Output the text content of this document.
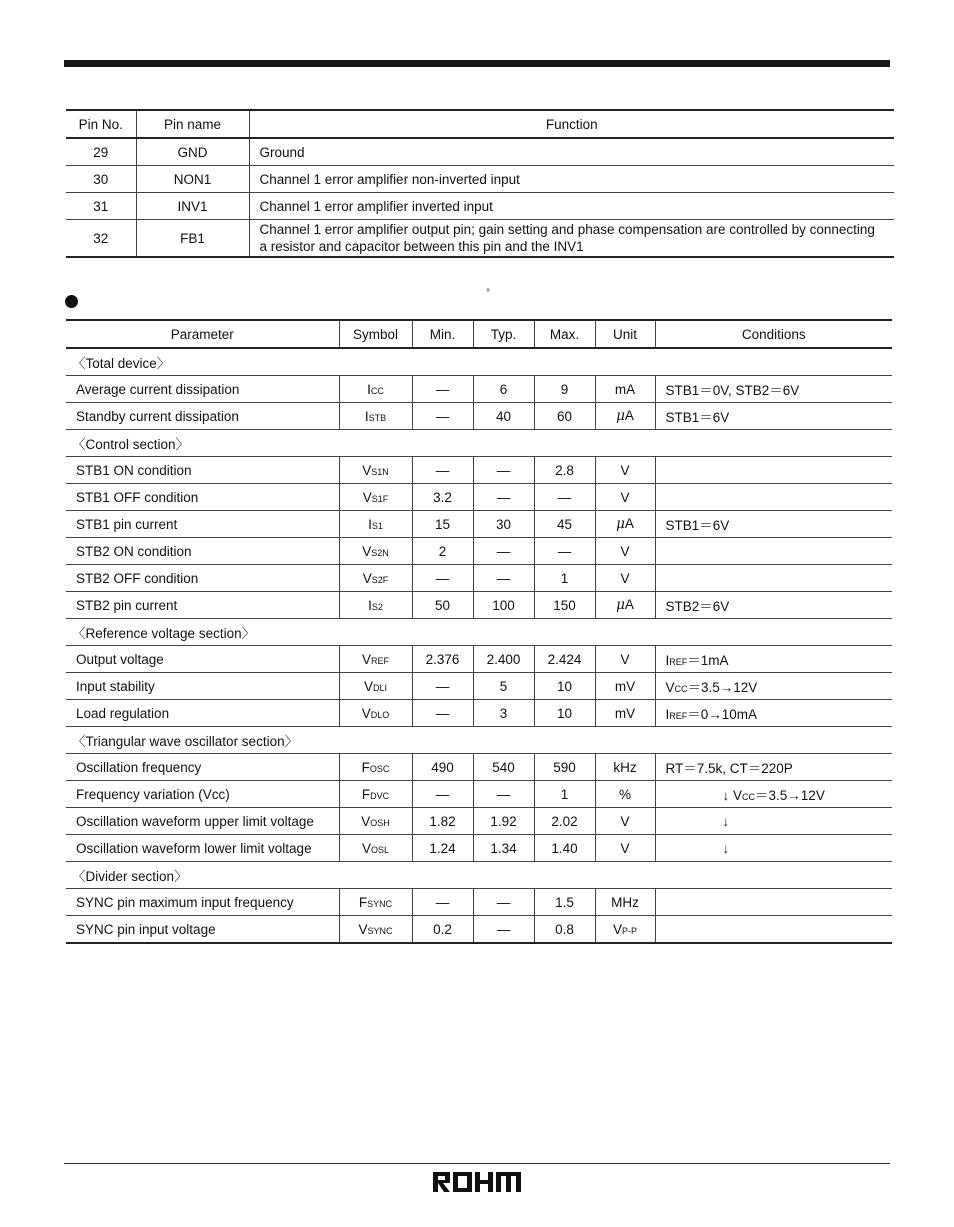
Pin No.	Pin name	Function
29	GND	Ground
30	NON1	Channel 1 error amplifier non-inverted input
31	INV1	Channel 1 error amplifier inverted input
32	FB1	Channel 1 error amplifier output pin; gain setting and phase compensation are controlled by connecting a resistor and capacitor between this pin and the INV1
°
Parameter	Symbol	Min.	Typ.	Max.	Unit	Conditions
〈Total device〉						
Average current dissipation	ICC	—	6	9	mA	STB1＝0V, STB2＝6V
Standby current dissipation	ISTB	—	40	60	μA	STB1＝6V
〈Control section〉						
STB1 ON condition	VS1N	—	—	2.8	V	
STB1 OFF condition	VS1F	3.2	—	—	V	
STB1 pin current	IS1	15	30	45	μA	STB1＝6V
STB2 ON condition	VS2N	2	—	—	V	
STB2 OFF condition	VS2F	—	—	1	V	
STB2 pin current	IS2	50	100	150	μA	STB2＝6V
〈Reference voltage section〉						
Output voltage	VREF	2.376	2.400	2.424	V	IREF＝1mA
Input stability	VDLI	—	5	10	mV	VCC＝3.5→12V
Load regulation	VDLO	—	3	10	mV	IREF＝0→10mA
〈Triangular wave oscillator section〉						
Oscillation frequency	FOSC	490	540	590	kHz	RT＝7.5k, CT＝220P
Frequency variation (Vcc)	FDVC	—	—	1	%	↓ VCC＝3.5→12V
Oscillation waveform upper limit voltage	VOSH	1.82	1.92	2.02	V	↓
Oscillation waveform lower limit voltage	VOSL	1.24	1.34	1.40	V	↓
〈Divider section〉						
SYNC pin maximum input frequency	FSYNC	—	—	1.5	MHz	
SYNC pin input voltage	VSYNC	0.2	—	0.8	VP-P	
